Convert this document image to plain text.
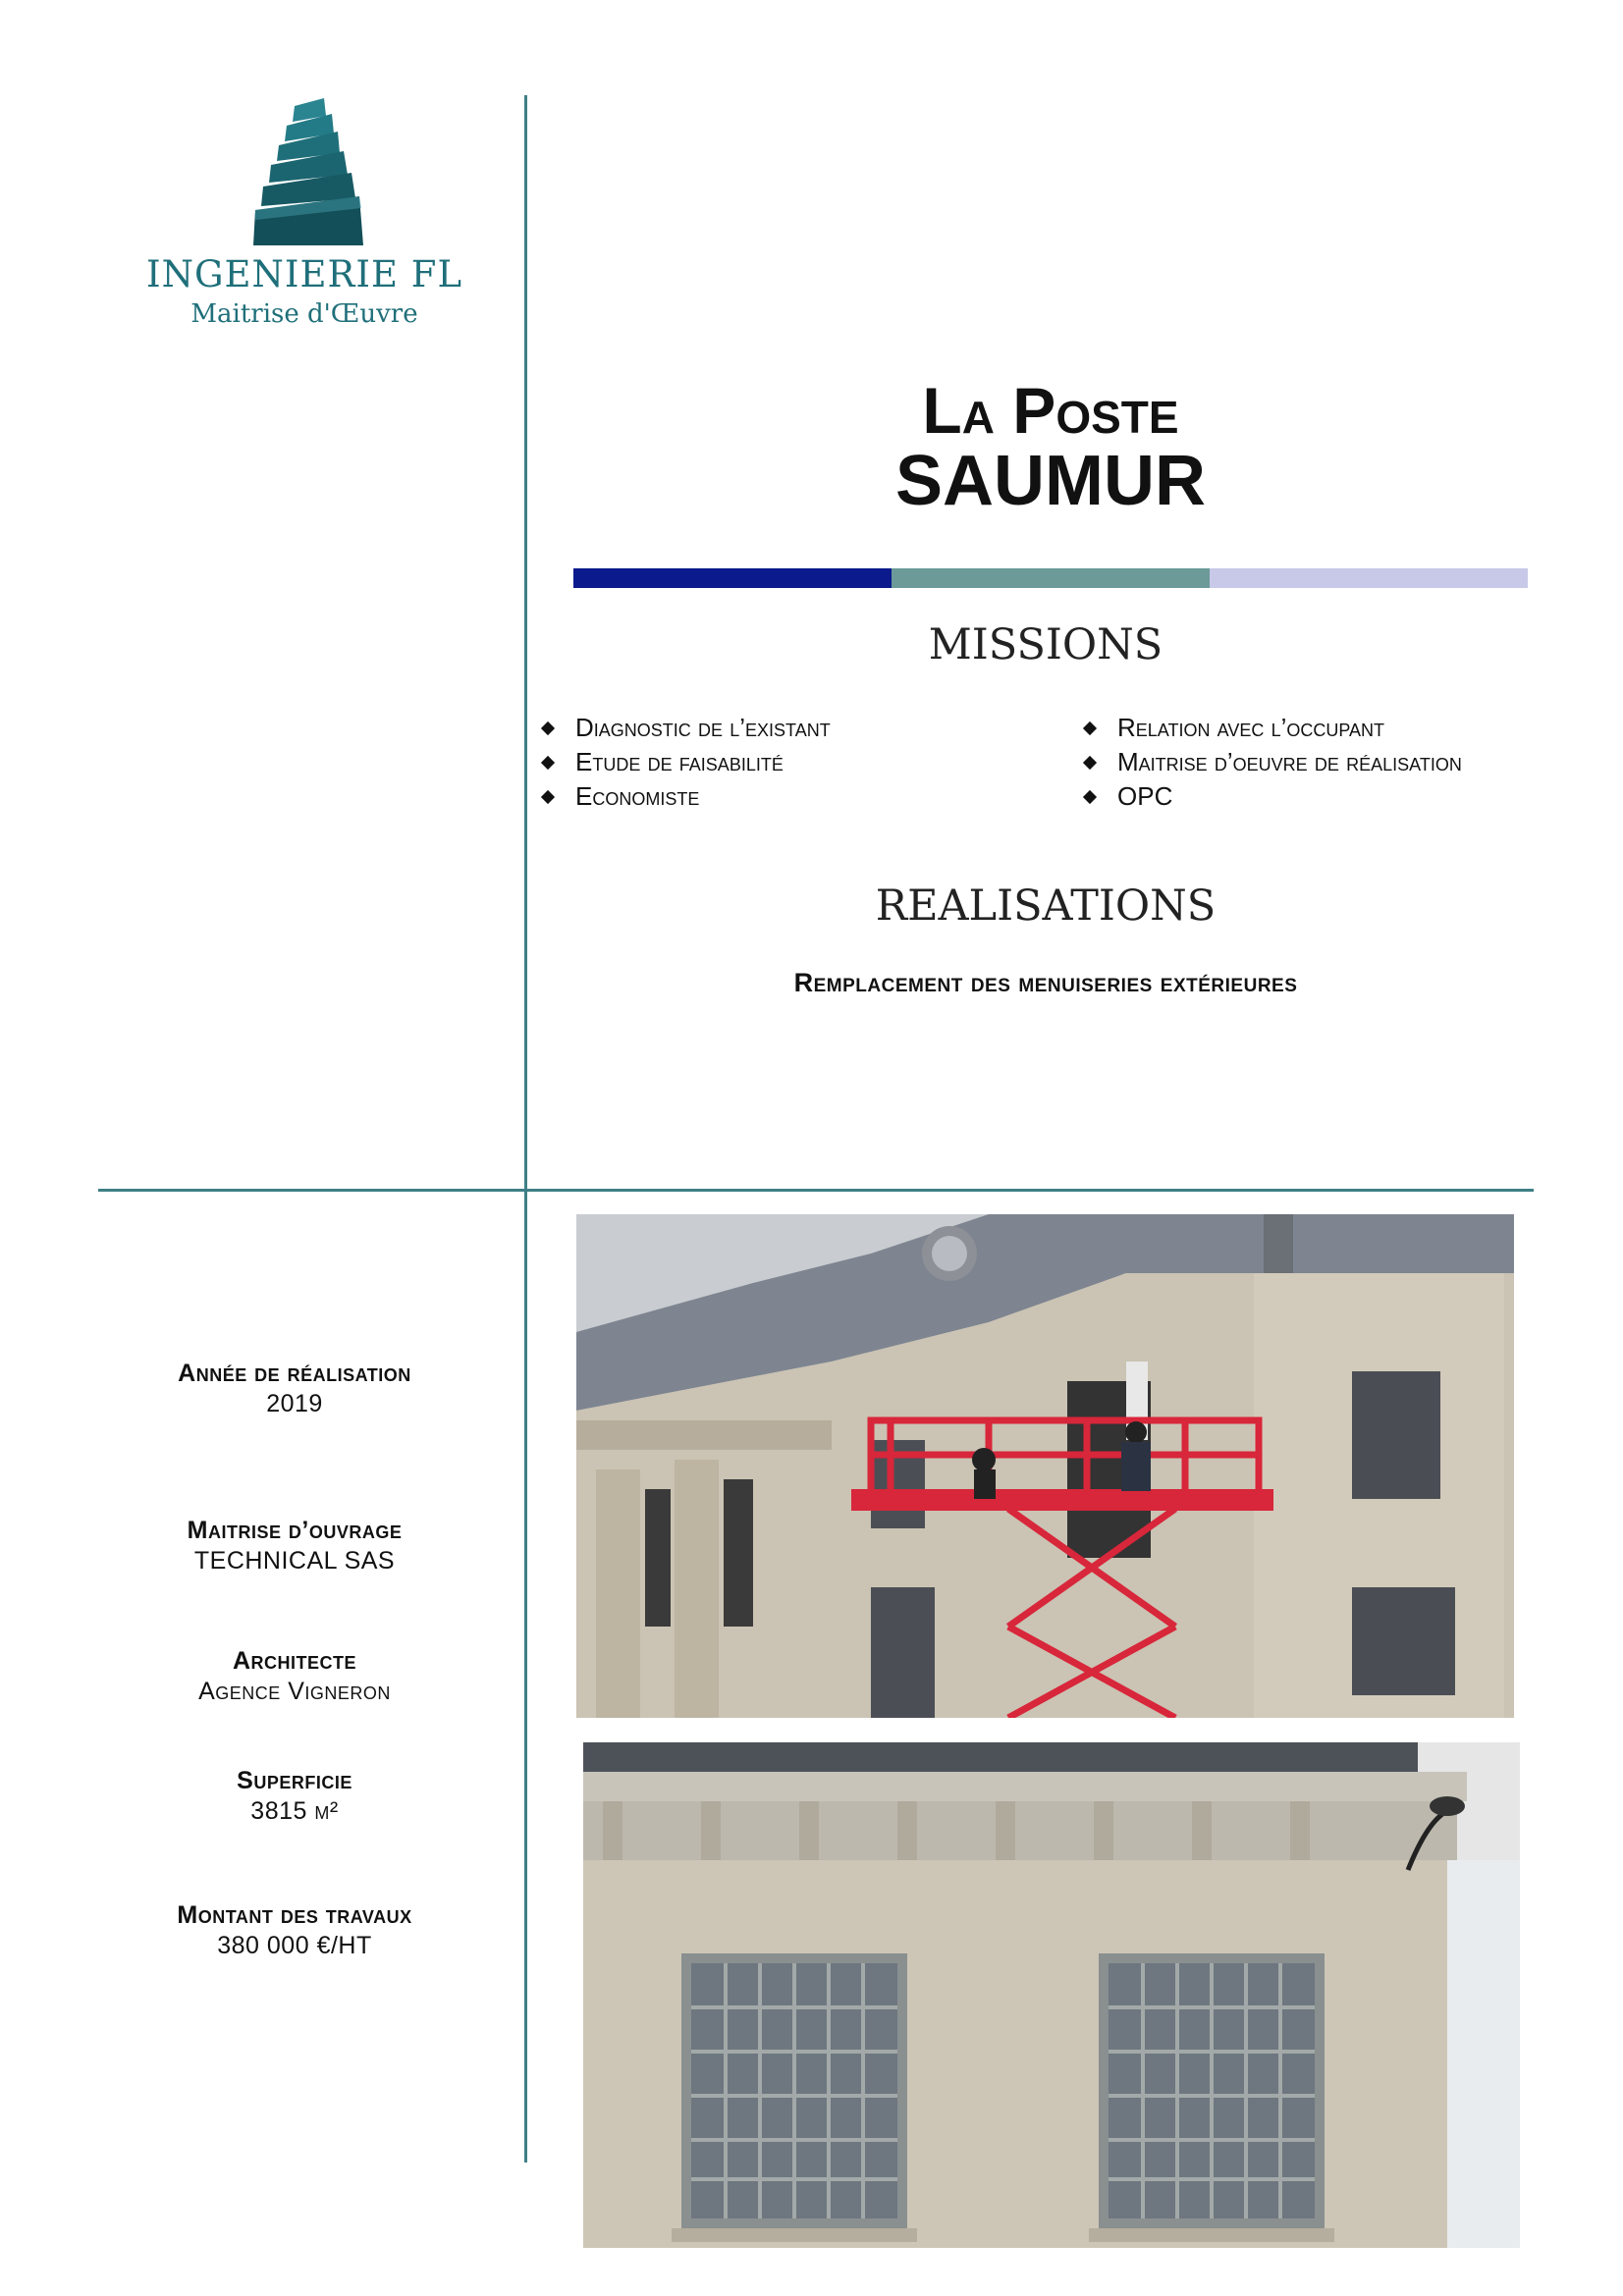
INGENIERIE FL
Maitrise d'Œuvre
La Poste
SAUMUR
MISSIONS
Diagnostic de l’existant
Etude de faisabilité
Economiste
Relation avec l’occupant
Maitrise d’oeuvre de réalisation
OPC
REALISATIONS
Remplacement des menuiseries extérieures
Année de réalisation
2019
Maitrise d’ouvrage
TECHNICAL SAS
Architecte
Agence Vigneron
Superficie
3815 m²
Montant des travaux
380 000 €/HT
